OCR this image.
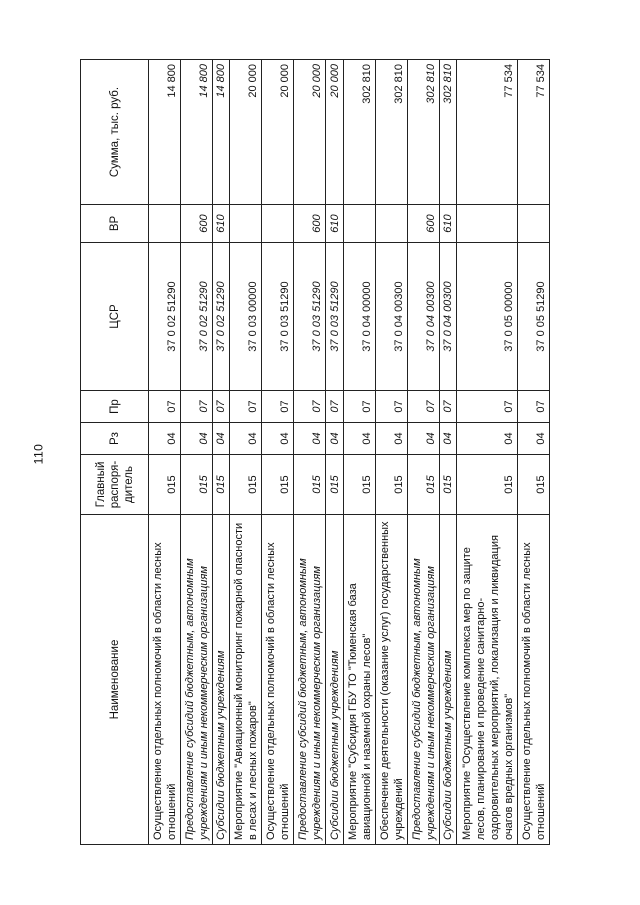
110
Наименование	Главный распоря-дитель	Рз	Пр	ЦСР	ВР	Сумма, тыс. руб.
Осуществление отдельных полномочий в области лесных отношений	015	04	07	37 0 02 51290		14 800
Предоставление субсидий бюджетным, автономным учреждениям и иным некоммерческим организациям	015	04	07	37 0 02 51290	600	14 800
Субсидии бюджетным учреждениям	015	04	07	37 0 02 51290	610	14 800
Мероприятие "Авиационный мониторинг пожарной опасности в лесах и лесных пожаров"	015	04	07	37 0 03 00000		20 000
Осуществление отдельных полномочий в области лесных отношений	015	04	07	37 0 03 51290		20 000
Предоставление субсидий бюджетным, автономным учреждениям и иным некоммерческим организациям	015	04	07	37 0 03 51290	600	20 000
Субсидии бюджетным учреждениям	015	04	07	37 0 03 51290	610	20 000
Мероприятие "Субсидия ГБУ ТО "Тюменская база авиационной и наземной охраны лесов"	015	04	07	37 0 04 00000		302 810
Обеспечение деятельности (оказание услуг) государственных учреждений	015	04	07	37 0 04 00300		302 810
Предоставление субсидий бюджетным, автономным учреждениям и иным некоммерческим организациям	015	04	07	37 0 04 00300	600	302 810
Субсидии бюджетным учреждениям	015	04	07	37 0 04 00300	610	302 810
Мероприятие "Осуществление комплекса мер по защите лесов, планирование и проведение санитарно-оздоровительных мероприятий, локализация и ликвидация очагов вредных организмов"	015	04	07	37 0 05 00000		77 534
Осуществление отдельных полномочий в области лесных отношений	015	04	07	37 0 05 51290		77 534
